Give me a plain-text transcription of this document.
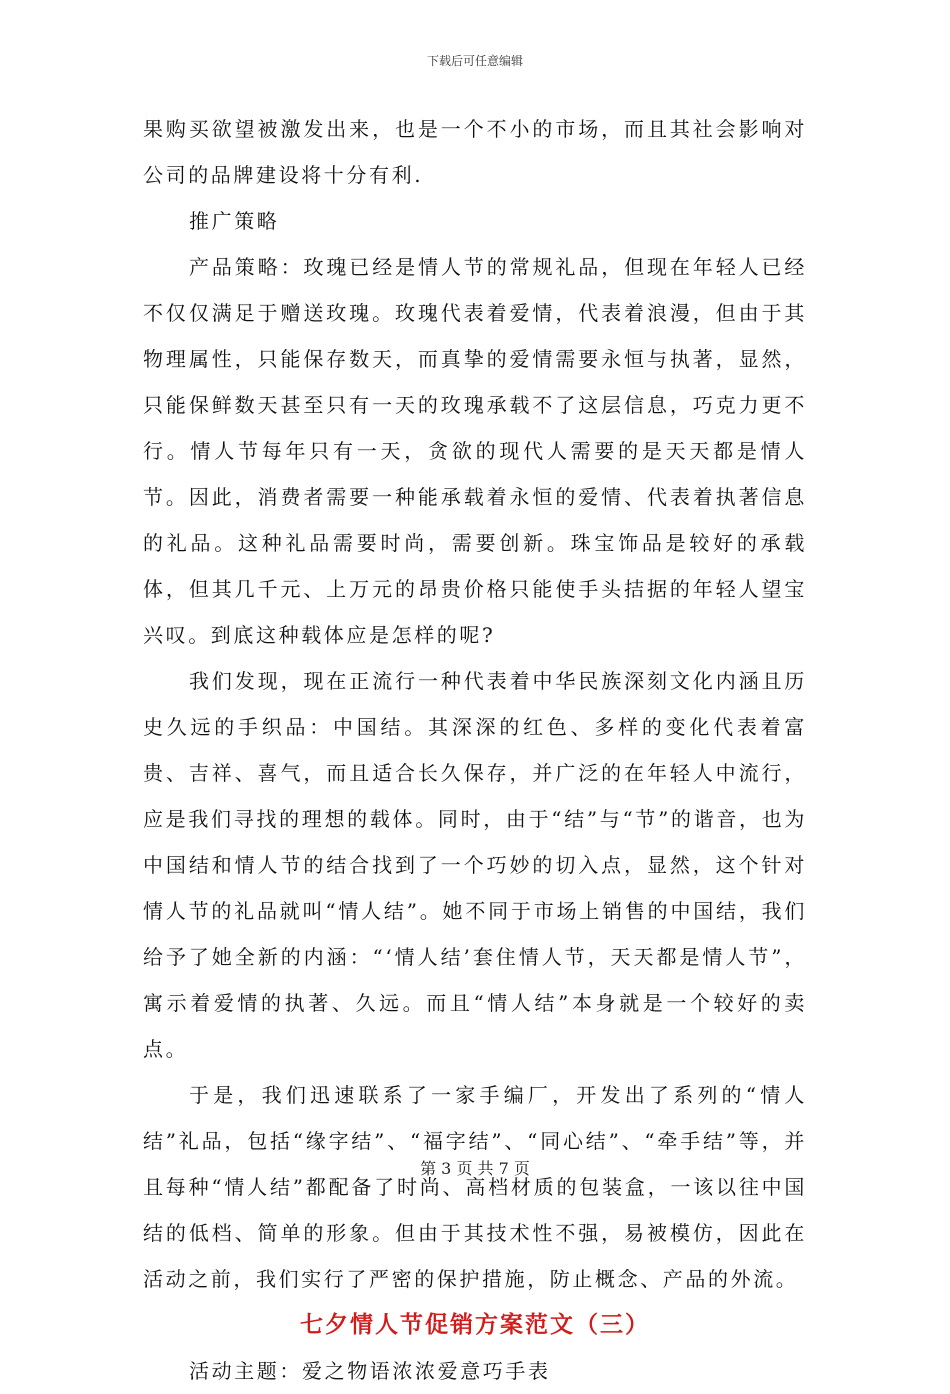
下载后可任意编辑

果购买欲望被激发出来，也是一个不小的市场，而且其社会影响对公司的品牌建设将十分有利.

推广策略

产品策略：玫瑰已经是情人节的常规礼品，但现在年轻人已经不仅仅满足于赠送玫瑰。玫瑰代表着爱情，代表着浪漫，但由于其物理属性，只能保存数天，而真挚的爱情需要永恒与执著，显然，只能保鲜数天甚至只有一天的玫瑰承载不了这层信息，巧克力更不行。情人节每年只有一天，贪欲的现代人需要的是天天都是情人节。因此，消费者需要一种能承载着永恒的爱情、代表着执著信息的礼品。这种礼品需要时尚，需要创新。珠宝饰品是较好的承载体，但其几千元、上万元的昂贵价格只能使手头拮据的年轻人望宝兴叹。到底这种载体应是怎样的呢?

我们发现，现在正流行一种代表着中华民族深刻文化内涵且历史久远的手织品：中国结。其深深的红色、多样的变化代表着富贵、吉祥、喜气，而且适合长久保存，并广泛的在年轻人中流行，应是我们寻找的理想的载体。同时，由于“结”与“节”的谐音，也为中国结和情人节的结合找到了一个巧妙的切入点，显然，这个针对情人节的礼品就叫“情人结”。她不同于市场上销售的中国结，我们给予了她全新的内涵：“‘情人结’套住情人节，天天都是情人节”，寓示着爱情的执著、久远。而且“情人结”本身就是一个较好的卖点。

于是，我们迅速联系了一家手编厂，开发出了系列的“情人结”礼品，包括“缘字结”、“福字结”、“同心结”、“牵手结”等，并且每种“情人结”都配备了时尚、高档材质的包装盒，一该以往中国结的低档、简单的形象。但由于其技术性不强，易被模仿，因此在活动之前，我们实行了严密的保护措施，防止概念、产品的外流。

七夕情人节促销方案范文（三）

活动主题：爱之物语浓浓爱意巧手表

第 3 页 共 7 页
